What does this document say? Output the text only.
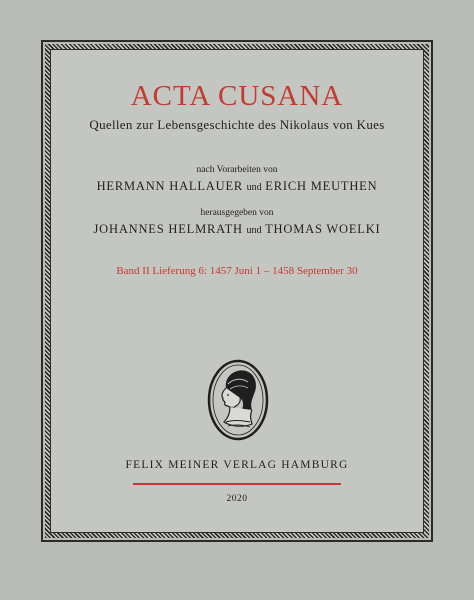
ACTA CUSANA
Quellen zur Lebensgeschichte des Nikolaus von Kues
nach Vorarbeiten von
HERMANN HALLAUER und ERICH MEUTHEN
herausgegeben von
JOHANNES HELMRATH und THOMAS WOELKI
Band II Lieferung 6: 1457 Juni 1 – 1458 September 30
FELIX MEINER VERLAG HAMBURG
2020
